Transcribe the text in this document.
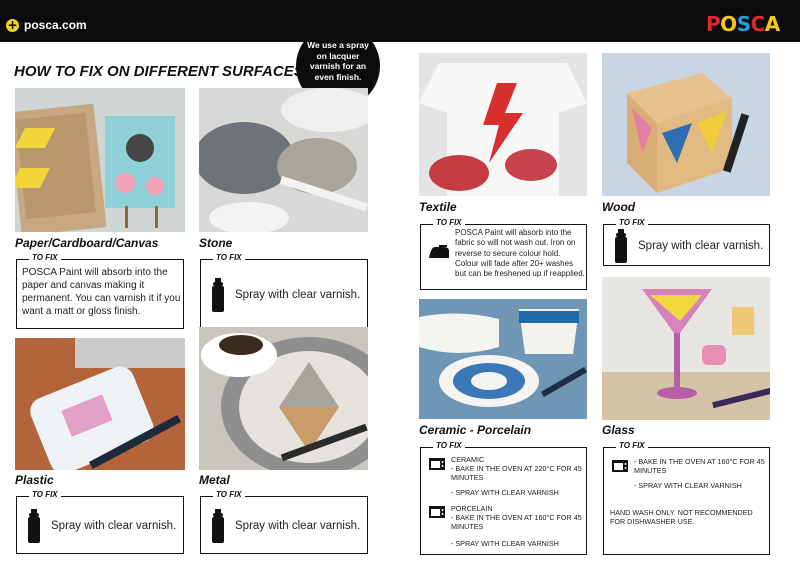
+ posca.com	POSCA
We use a spray on lacquer varnish for an even finish.
HOW TO FIX ON DIFFERENT SURFACES
Paper/Cardboard/Canvas
TO FIX
POSCA Paint will absorb into the paper and canvas making it permanent. You can varnish it if you want a matt or gloss finish.
Stone
TO FIX
Spray with clear varnish.
Plastic
TO FIX
Spray with clear varnish.
Metal
TO FIX
Spray with clear varnish.
Textile
TO FIX
POSCA Paint will absorb into the fabric so will not wash out. Iron on reverse to secure colour hold. Colour will fade after 20+ washes but can be freshened up if reapplied.
Wood
TO FIX
Spray with clear varnish.
Ceramic - Porcelain
TO FIX
CERAMIC
- BAKE IN THE OVEN AT 220°C FOR 45 MINUTES
- SPRAY WITH CLEAR VARNISH
PORCELAIN
- BAKE IN THE OVEN AT 160°C FOR 45 MINUTES
- SPRAY WITH CLEAR VARNISH
Glass
TO FIX
- BAKE IN THE OVEN AT 160°C FOR 45 MINUTES
- SPRAY WITH CLEAR VARNISH
HAND WASH ONLY. NOT RECOMMENDED FOR DISHWASHER USE.
